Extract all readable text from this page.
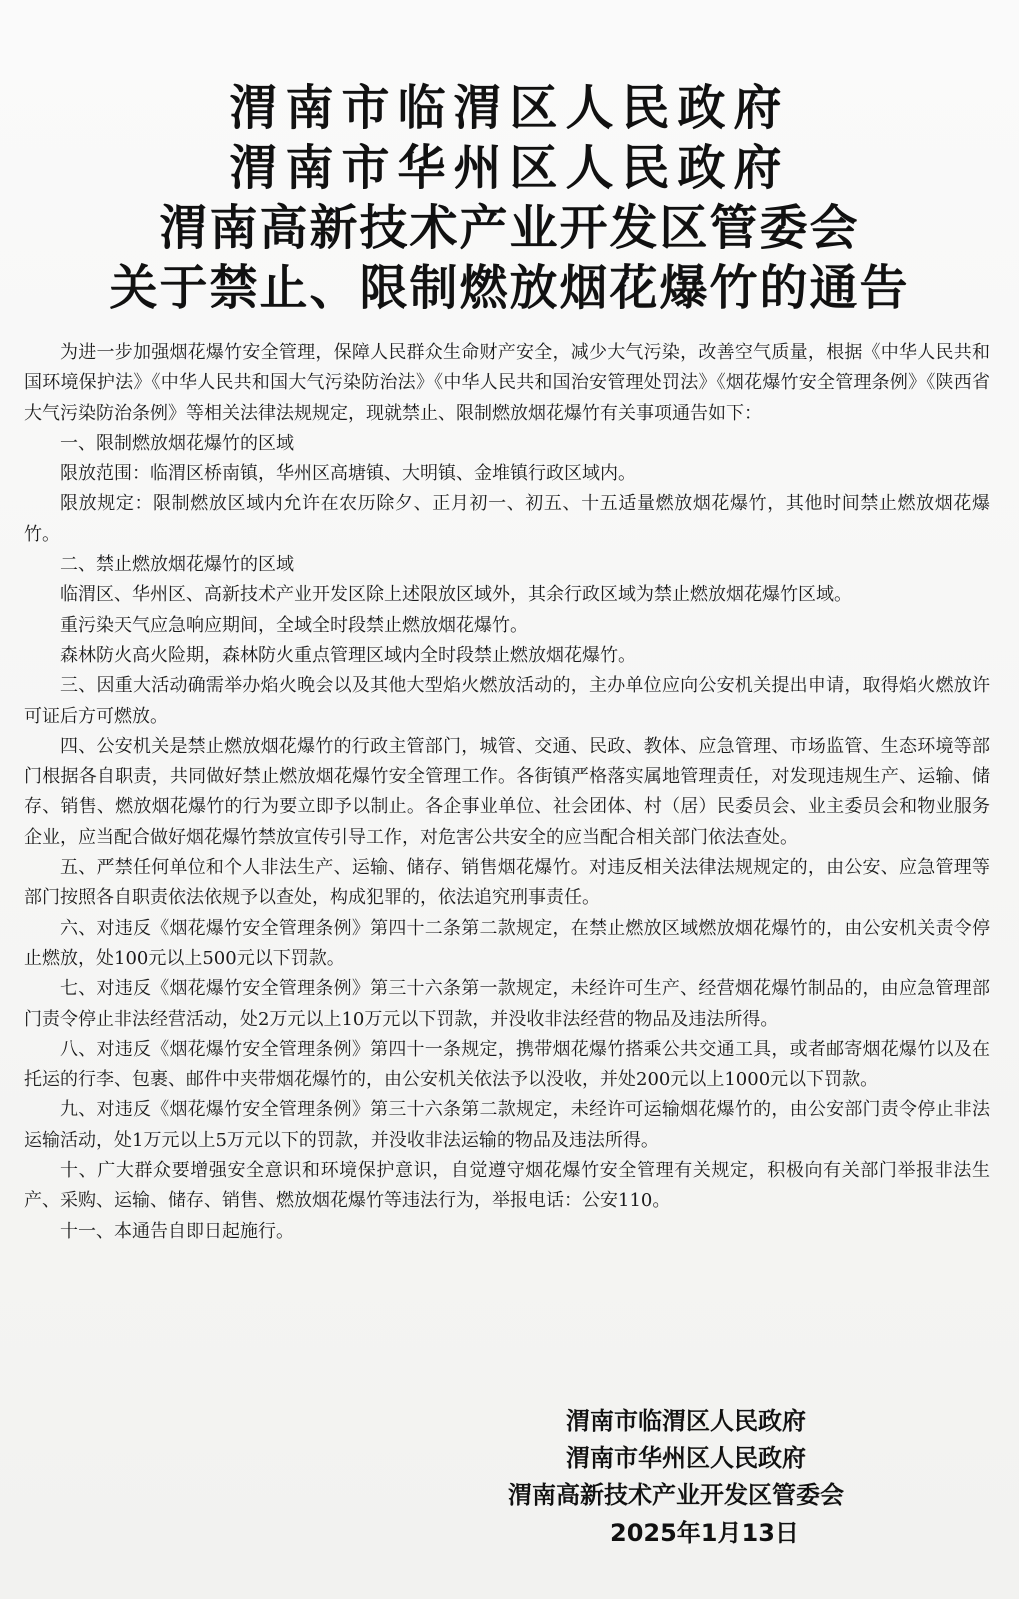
渭南市临渭区人民政府
渭南市华州区人民政府
渭南高新技术产业开发区管委会
关于禁止、限制燃放烟花爆竹的通告

为进一步加强烟花爆竹安全管理，保障人民群众生命财产安全，减少大气污染，改善空气质量，根据《中华人民共和国环境保护法》《中华人民共和国大气污染防治法》《中华人民共和国治安管理处罚法》《烟花爆竹安全管理条例》《陕西省大气污染防治条例》等相关法律法规规定，现就禁止、限制燃放烟花爆竹有关事项通告如下：

一、限制燃放烟花爆竹的区域

限放范围：临渭区桥南镇，华州区高塘镇、大明镇、金堆镇行政区域内。

限放规定：限制燃放区域内允许在农历除夕、正月初一、初五、十五适量燃放烟花爆竹，其他时间禁止燃放烟花爆竹。

二、禁止燃放烟花爆竹的区域

临渭区、华州区、高新技术产业开发区除上述限放区域外，其余行政区域为禁止燃放烟花爆竹区域。

重污染天气应急响应期间，全域全时段禁止燃放烟花爆竹。

森林防火高火险期，森林防火重点管理区域内全时段禁止燃放烟花爆竹。

三、因重大活动确需举办焰火晚会以及其他大型焰火燃放活动的，主办单位应向公安机关提出申请，取得焰火燃放许可证后方可燃放。

四、公安机关是禁止燃放烟花爆竹的行政主管部门，城管、交通、民政、教体、应急管理、市场监管、生态环境等部门根据各自职责，共同做好禁止燃放烟花爆竹安全管理工作。各街镇严格落实属地管理责任，对发现违规生产、运输、储存、销售、燃放烟花爆竹的行为要立即予以制止。各企事业单位、社会团体、村（居）民委员会、业主委员会和物业服务企业，应当配合做好烟花爆竹禁放宣传引导工作，对危害公共安全的应当配合相关部门依法查处。

五、严禁任何单位和个人非法生产、运输、储存、销售烟花爆竹。对违反相关法律法规规定的，由公安、应急管理等部门按照各自职责依法依规予以查处，构成犯罪的，依法追究刑事责任。

六、对违反《烟花爆竹安全管理条例》第四十二条第二款规定，在禁止燃放区域燃放烟花爆竹的，由公安机关责令停止燃放，处100元以上500元以下罚款。

七、对违反《烟花爆竹安全管理条例》第三十六条第一款规定，未经许可生产、经营烟花爆竹制品的，由应急管理部门责令停止非法经营活动，处2万元以上10万元以下罚款，并没收非法经营的物品及违法所得。

八、对违反《烟花爆竹安全管理条例》第四十一条规定，携带烟花爆竹搭乘公共交通工具，或者邮寄烟花爆竹以及在托运的行李、包裹、邮件中夹带烟花爆竹的，由公安机关依法予以没收，并处200元以上1000元以下罚款。

九、对违反《烟花爆竹安全管理条例》第三十六条第二款规定，未经许可运输烟花爆竹的，由公安部门责令停止非法运输活动，处1万元以上5万元以下的罚款，并没收非法运输的物品及违法所得。

十、广大群众要增强安全意识和环境保护意识，自觉遵守烟花爆竹安全管理有关规定，积极向有关部门举报非法生产、采购、运输、储存、销售、燃放烟花爆竹等违法行为，举报电话：公安110。

十一、本通告自即日起施行。

渭南市临渭区人民政府
渭南市华州区人民政府
渭南高新技术产业开发区管委会
2025年1月13日
